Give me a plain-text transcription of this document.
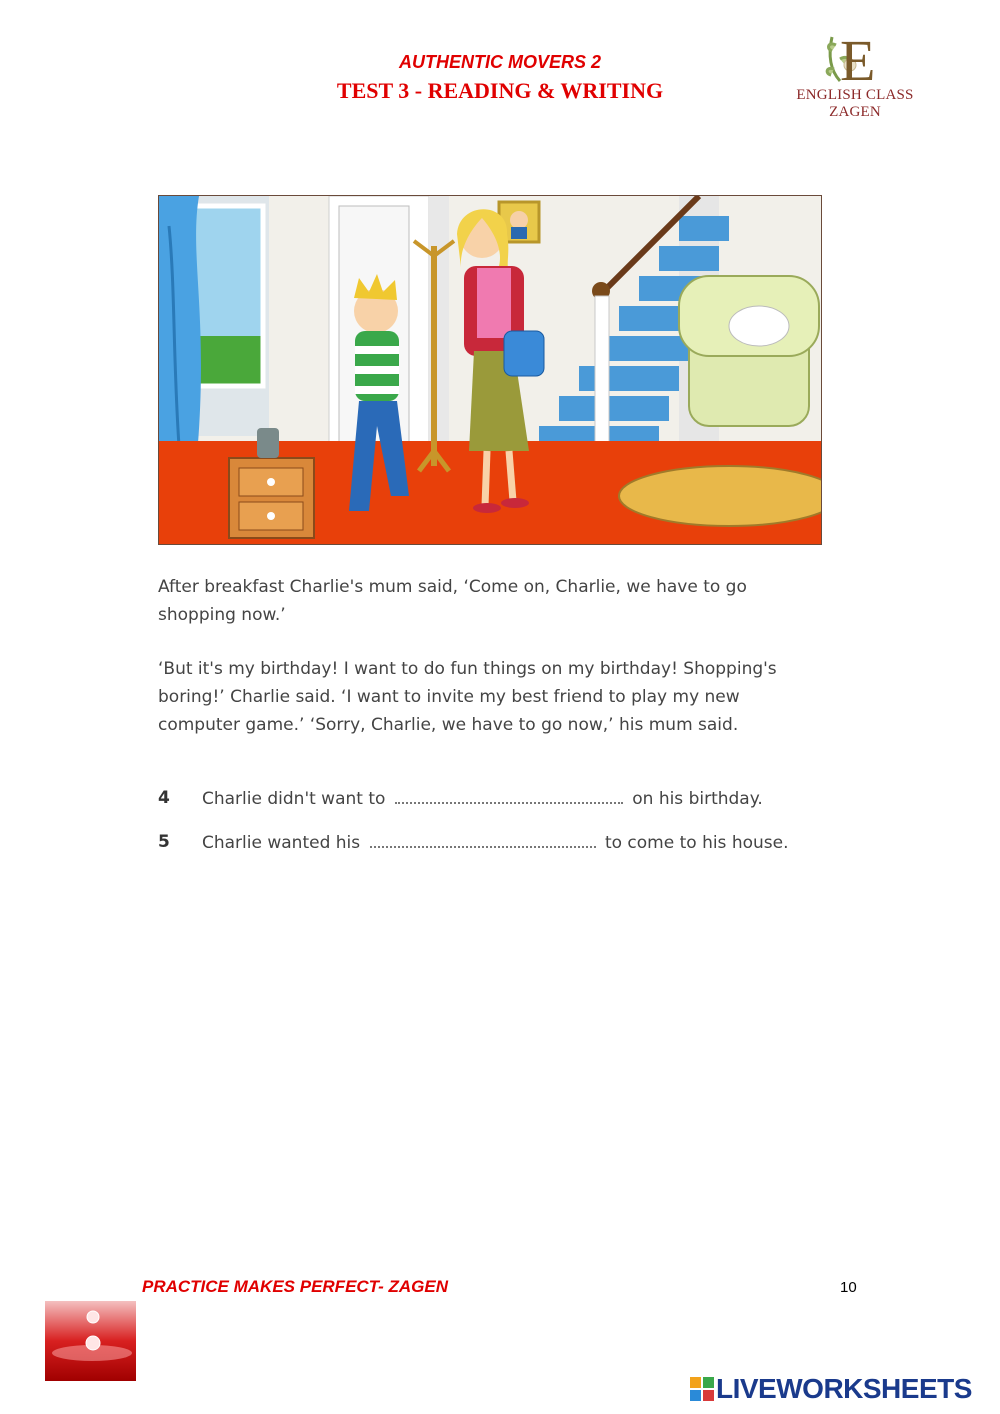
AUTHENTIC MOVERS 2
TEST 3 - READING & WRITING	E
ENGLISH CLASS ZAGEN

After breakfast Charlie's mum said, ‘Come on, Charlie, we have to go shopping now.’

‘But it's my birthday! I want to do fun things on my birthday! Shopping's boring!’ Charlie said. ‘I want to invite my best friend to play my new computer game.’ ‘Sorry, Charlie, we have to go now,’ his mum said.

4 Charlie didn't want to	on his birthday.
5 Charlie wanted his	to come to his house.
PRACTICE MAKES PERFECT- ZAGEN	10
LIVEWORKSHEETS
